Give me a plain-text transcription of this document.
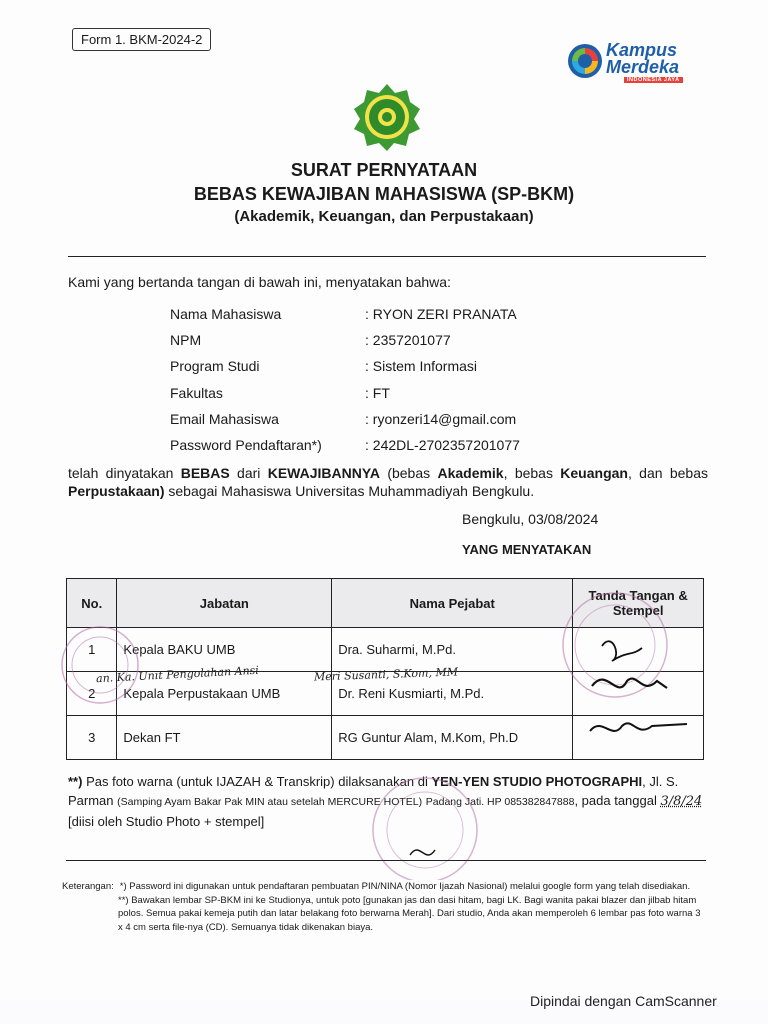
Form 1. BKM-2024-2
Kampus
Merdeka
INDONESIA JAYA
SURAT PERNYATAAN
BEBAS KEWAJIBAN MAHASISWA (SP-BKM)
(Akademik, Keuangan, dan Perpustakaan)
Kami yang bertanda tangan di bawah ini, menyatakan bahwa:
Nama Mahasiswa	: RYON ZERI PRANATA
NPM	: 2357201077
Program Studi	: Sistem Informasi
Fakultas	: FT
Email Mahasiswa	: ryonzeri14@gmail.com
Password Pendaftaran*)	: 242DL-2702357201077
telah dinyatakan BEBAS dari KEWAJIBANNYA (bebas Akademik, bebas Keuangan, dan bebas Perpustakaan) sebagai Mahasiswa Universitas Muhammadiyah Bengkulu.
Bengkulu, 03/08/2024
YANG MENYATAKAN
No.	Jabatan	Nama Pejabat	Tanda Tangan & Stempel
1	Kepala BAKU UMB	Dra. Suharmi, M.Pd.	
2	Kepala Perpustakaan UMB	Dr. Reni Kusmiarti, M.Pd.	
3	Dekan FT	RG Guntur Alam, M.Kom, Ph.D	
an. Ka. Unit Pengolahan Ansi	Meri Susanti, S.Kom, MM
**) Pas foto warna (untuk IJAZAH & Transkrip) dilaksanakan di YEN-YEN STUDIO PHOTOGRAPHI, Jl. S. Parman (Samping Ayam Bakar Pak MIN atau setelah MERCURE HOTEL) Padang Jati. HP 085382847888, pada tanggal 3/8/24 [diisi oleh Studio Photo + stempel]
Keterangan: *) Password ini digunakan untuk pendaftaran pembuatan PIN/NINA (Nomor Ijazah Nasional) melalui google form yang telah disediakan.
**) Bawakan lembar SP-BKM ini ke Studionya, untuk poto [gunakan jas dan dasi hitam, bagi LK. Bagi wanita pakai blazer dan jilbab hitam polos. Semua pakai kemeja putih dan latar belakang foto berwarna Merah]. Dari studio, Anda akan memperoleh 6 lembar pas foto warna 3 x 4 cm serta file-nya (CD). Semuanya tidak dikenakan biaya.
Dipindai dengan CamScanner
